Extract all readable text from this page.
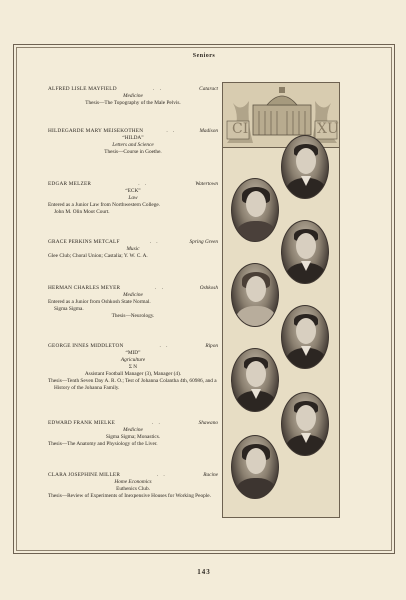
Seniors
ALFRED LISLE MAYFIELD	. .	Cataract
Medicine
Thesis—The Topography of the Male Pelvis.
HILDEGARDE MARY MEISEKOTHEN	. .	Madison
“HILDA”
Letters and Science
Thesis—Course in Goethe.
EDGAR MELZER	. .	Watertown
“ECK”
Law
Entered as a Junior Law from Northwestern College.
John M. Olin Moot Court.
GRACE PERKINS METCALF	. .	Spring Green
Music
Glee Club; Choral Union; Castalia; Y. W. C. A.
HERMAN CHARLES MEYER	. .	Oshkosh
Medicine
Entered as a Junior from Oshkosh State Normal.
Sigma Sigma.
Thesis—Neurology.
GEORGE INNES MIDDLETON	. .	Ripon
“MID”
Agriculture
Σ N
Assistant Football Manager (3), Manager (4).
Thesis—Tenth Seven Day A. R. O.; Test of Johanna Colantha 4th, 60986, and a History of the Johanna Family.
EDWARD FRANK MIELKE	. .	Shawano
Medicine
Sigma Sigma; Monastics.
Thesis—The Anatomy and Physiology of the Liver.
CLARA JOSEPHINE MILLER	. .	Racine
Home Economics
Euthenics Club.
Thesis—Review of Experiments of Inexpensive Houses for Working People.
CI	XU
143
